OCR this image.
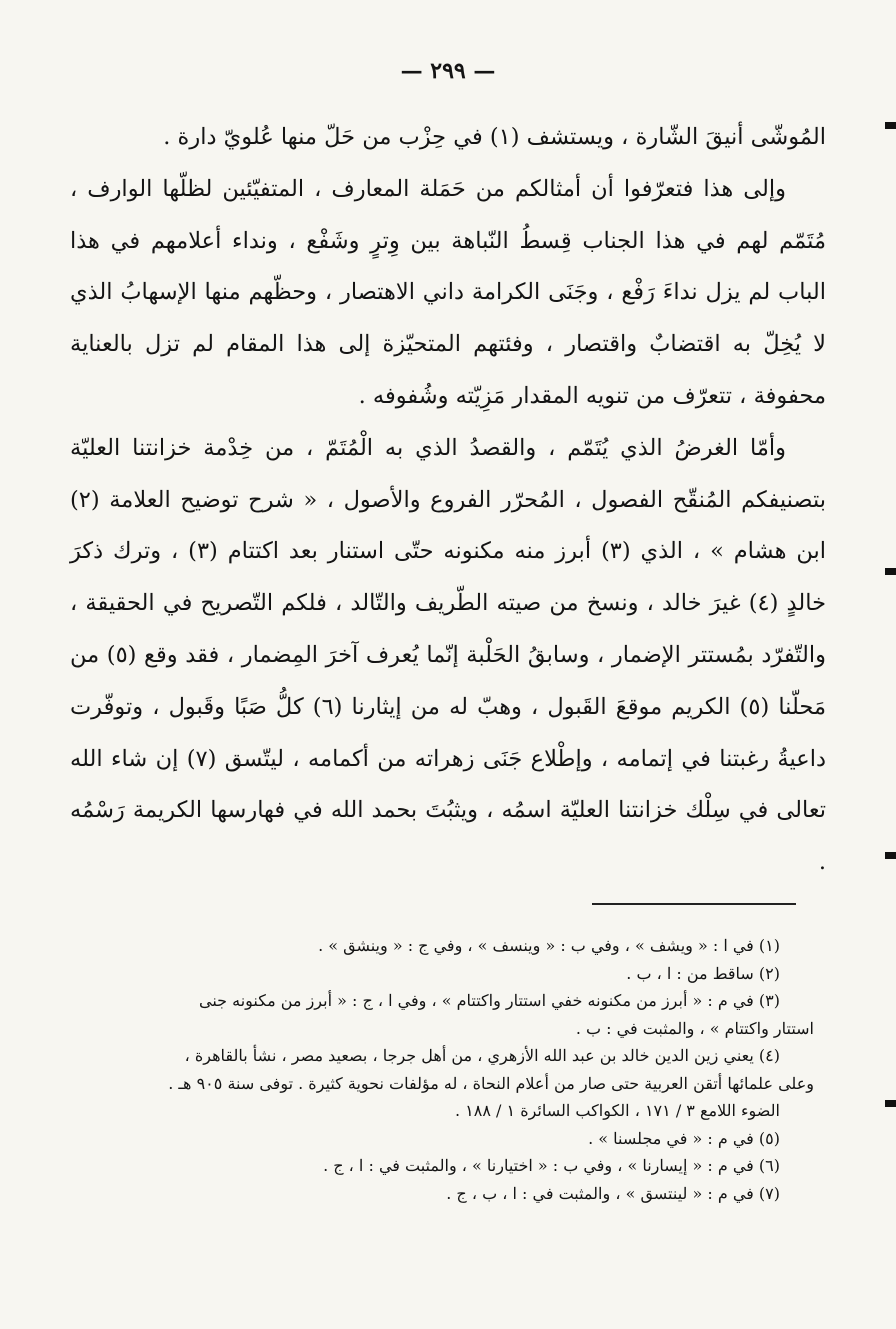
— ٢٩٩ —

المُوشّى أنيقَ الشّارة ، ويستشف (١) في حِزْب من حَلّ منها عُلويّ دارة .

وإلى هذا فتعرّفوا أن أمثالكم من حَمَلة المعارف ، المتفيّئين لظلّها الوارف ، مُتَمّم لهم في هذا الجناب قِسطُ النّباهة بين وِترٍ وشَفْع ، ونداء أعلامهم في هذا الباب لم يزل نداءَ رَفْع ، وجَنَى الكرامة داني الاهتصار ، وحظّهم منها الإسهابُ الذي لا يُخِلّ به اقتضابٌ واقتصار ، وفئتهم المتحيّزة إلى هذا المقام لم تزل بالعناية محفوفة ، تتعرّف من تنويه المقدار مَزِيّته وشُفوفه .

وأمّا الغرضُ الذي يُتَمّم ، والقصدُ الذي به الْمُتَمّ ، من خِدْمة خزانتنا العليّة بتصنيفكم المُنقّح الفصول ، المُحرّر الفروع والأصول ، « شرح توضيح العلامة (٢) ابن هشام » ، الذي (٣) أبرز منه مكنونه حتّى استنار بعد اكتتام (٣) ، وترك ذكرَ خالدٍ (٤) غيرَ خالد ، ونسخ من صيته الطّريف والتّالد ، فلكم التّصريح في الحقيقة ، والتّفرّد بمُستتر الإضمار ، وسابقُ الحَلْبة إنّما يُعرف آخرَ المِضمار ، فقد وقع (٥) من مَحلّنا (٥) الكريم موقعَ القَبول ، وهبّ له من إيثارنا (٦) كلُّ صَبًا وقَبول ، وتوفّرت داعيةُ رغبتنا في إتمامه ، وإطْلاع جَنَى زهراته من أكمامه ، ليتّسق (٧) إن شاء الله تعالى في سِلْك خزانتنا العليّة اسمُه ، ويثبُتَ بحمد الله في فهارسها الكريمة رَسْمُه .

(١) في ا : « ويشف » ، وفي ب : « وينسف » ، وفي ج : « وينشق » .

(٢) ساقط من : ا ، ب .

(٣) في م : « أبرز من مكنونه خفي استتار واكتتام » ، وفي ا ، ج : « أبرز من مكنونه جنى

استتار واكتتام » ، والمثبت في : ب .

(٤) يعني زين الدين خالد بن عبد الله الأزهري ، من أهل جرجا ، بصعيد مصر ، نشأ بالقاهرة ،

وعلى علمائها أتقن العربية حتى صار من أعلام النحاة ، له مؤلفات نحوية كثيرة . توفى سنة ٩٠٥ هـ .

الضوء اللامع ٣ / ١٧١ ، الكواكب السائرة ١ / ١٨٨ .

(٥) في م : « في مجلسنا » .

(٦) في م : « إيسارنا » ، وفي ب : « اختيارنا » ، والمثبت في : ا ، ج .

(٧) في م : « لينتسق » ، والمثبت في : ا ، ب ، ج .
